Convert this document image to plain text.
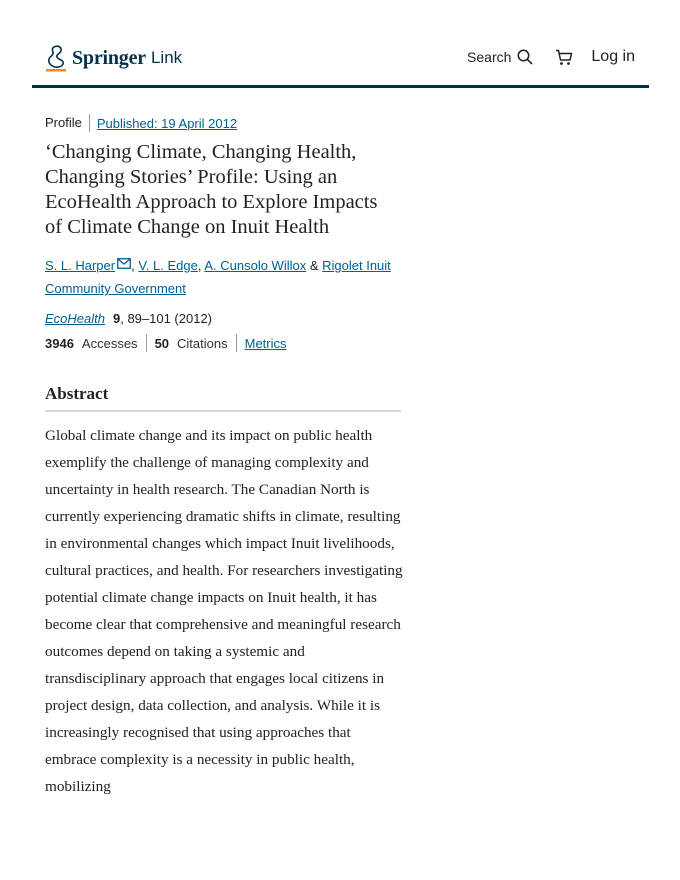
Springer Link	Search	Log in
Profile	Published: 19 April 2012
‘Changing Climate, Changing Health, Changing Stories’ Profile: Using an EcoHealth Approach to Explore Impacts of Climate Change on Inuit Health
S. L. Harper , V. L. Edge, A. Cunsolo Willox & Rigolet Inuit Community Government
EcoHealth 9 , 89–101 (2012)
3946 Accesses 50 Citations Metrics
Abstract

Global climate change and its impact on public health exemplify the challenge of managing complexity and uncertainty in health research. The Canadian North is currently experiencing dramatic shifts in climate, resulting in environmental changes which impact Inuit livelihoods, cultural practices, and health. For researchers investigating potential climate change impacts on Inuit health, it has become clear that comprehensive and meaningful research outcomes depend on taking a systemic and transdisciplinary approach that engages local citizens in project design, data collection, and analysis. While it is increasingly recognised that using approaches that embrace complexity is a necessity in public health, mobilizing
